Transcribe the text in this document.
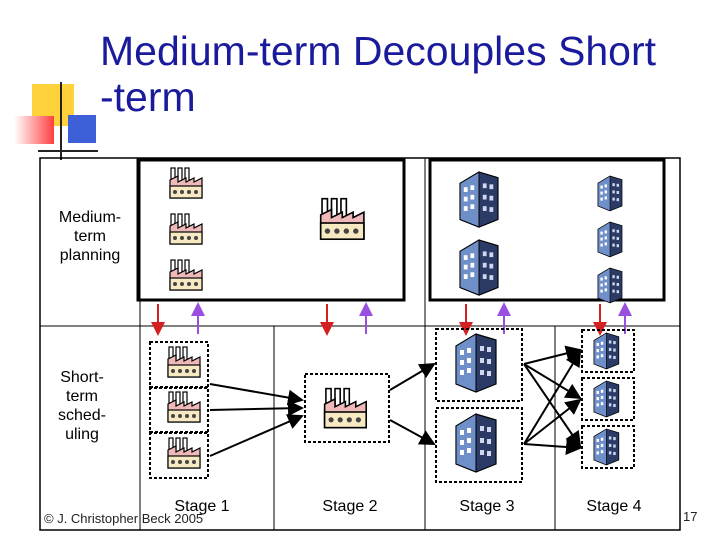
Medium-term Decouples Short
-term
Medium-
term
planning
Short-
term
sched-
uling
Stage 1	Stage 2	Stage 3	Stage 4
© J. Christopher Beck 2005	17
